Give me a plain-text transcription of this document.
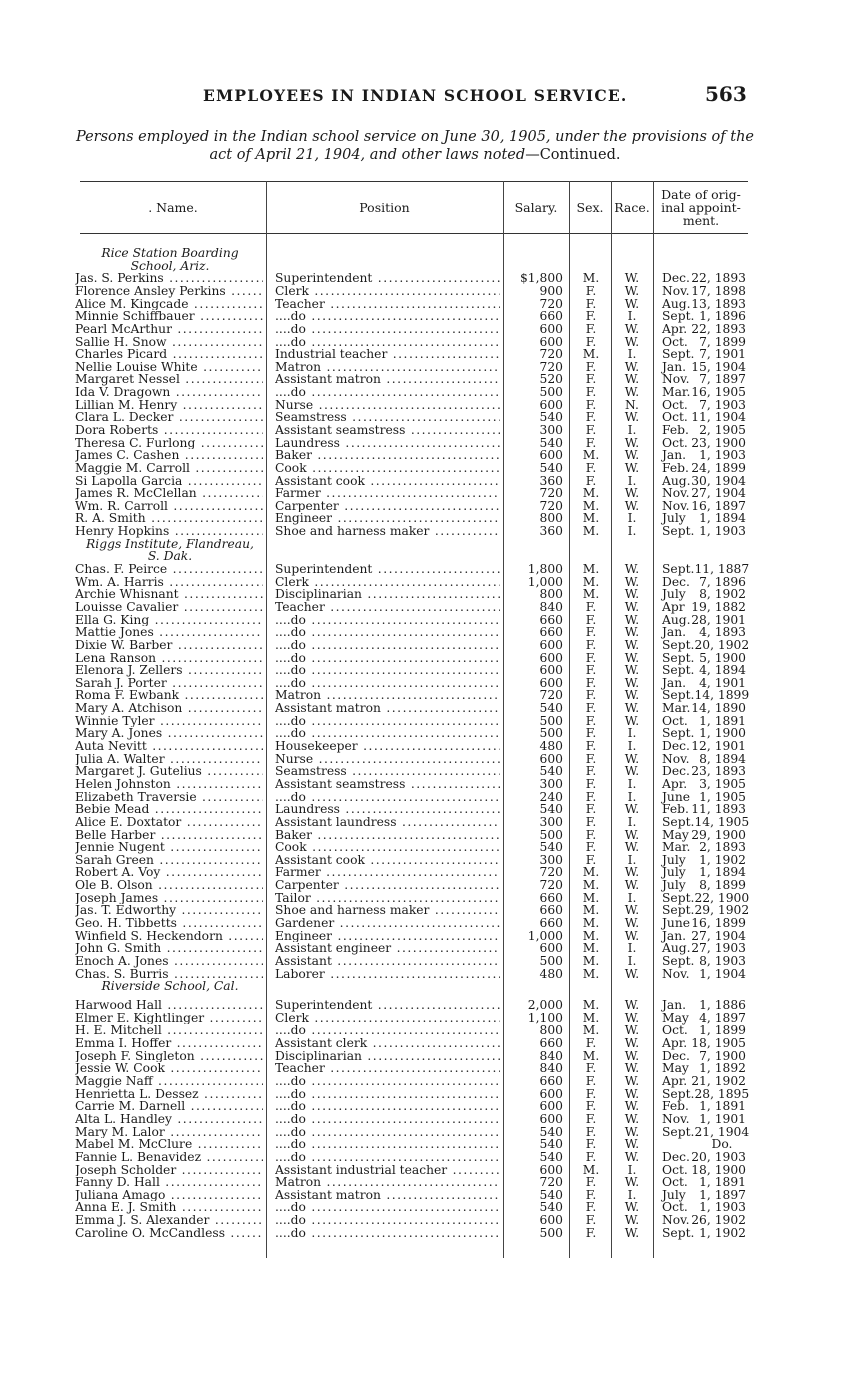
EMPLOYEES IN INDIAN SCHOOL SERVICE.	563
Persons employed in the Indian school service on June 30, 1905, under the provisions of the
act of April 21, 1904, and other laws noted—Continued.
. Name.	Position	Salary.	Sex. Race.
Date of orig-
inal appoint-
ment.
Rice Station Boarding
School, Ariz.
Jas. S. Perkins .....	Superintendent .....	$1,800	M.	W.	Dec. 22, 1893
Florence Ansley Perkins .....	Clerk .....	900	F.	W.	Nov. 17, 1898
Alice M. Kingcade .....	Teacher .....	720	F.	W.	Aug. 13, 1893
Minnie Schiffbauer .....	....do .....	660	F.	I.	Sept. 1, 1896
Pearl McArthur .....	....do .....	600	F.	W.	Apr. 22, 1893
Sallie H. Snow .....	....do .....	600	F.	W.	Oct. 7, 1899
Charles Picard .....	Industrial teacher .....	720	M.	I.	Sept. 7, 1901
Nellie Louise White .....	Matron .....	720	F.	W.	Jan. 15, 1904
Margaret Nessel .....	Assistant matron .....	520	F.	W.	Nov. 7, 1897
Ida V. Dragown .....	....do .....	500	F.	W.	Mar. 16, 1905
Lillian M. Henry .....	Nurse .....	600	F.	N.	Oct. 7, 1903
Clara L. Decker .....	Seamstress .....	540	F.	W.	Oct. 11, 1904
Dora Roberts .....	Assistant seamstress .....	300	F.	I.	Feb. 2, 1905
Theresa C. Furlong .....	Laundress .....	540	F.	W.	Oct. 23, 1900
James C. Cashen .....	Baker .....	600	M.	W.	Jan.	1, 1903
Maggie M. Carroll .....	Cook .....	540	F.	W.	Feb. 24, 1899
Si Lapolla Garcia .....	Assistant cook .....	360	F.	I.	Aug. 30, 1904
James R. McClellan .....	Farmer .....	720	M.	W.	Nov. 27, 1904
Wm. R. Carroll .....	Carpenter .....	720	M.	W.	Nov. 16, 1897
R. A. Smith .....	Engineer .....	800	M.	I.	July	1, 1894
Henry Hopkins .....	Shoe and harness maker .....	360	M.	I.	Sept. 1, 1903
Riggs Institute, Flandreau,
S. Dak.
Chas. F. Peirce .....	Superintendent .....	1,800	M.	W.	Sept. 11, 1887
Wm. A. Harris .....	Clerk .....	1,000	M.	W.	Dec. 7, 1896
Archie Whisnant .....	Disciplinarian .....	800	M.	W.	July	8, 1902
Louisse Cavalier .....	Teacher .....	840	F.	W.	Apr 19, 1882
Ella G. King .....	....do .....	660	F.	W.	Aug. 28, 1901
Mattie Jones .....	....do .....	660	F.	W.	Jan.	4, 1893
Dixie W. Barber .....	....do .....	600	F.	W.	Sept. 20, 1902
Lena Ranson .....	....do .....	600	F.	W.	Sept. 5, 1900
Elenora J. Zellers .....	....do .....	600	F.	W.	Sept. 4, 1894
Sarah J. Porter .....	....do .....	600	F.	W.	Jan.	4, 1901
Roma F. Ewbank .....	Matron .....	720	F.	W.	Sept. 14, 1899
Mary A. Atchison .....	Assistant matron .....	540	F.	W.	Mar. 14, 1890
Winnie Tyler .....	....do .....	500	F.	W.	Oct. 1, 1891
Mary A. Jones .....	....do .....	500	F.	I.	Sept. 1, 1900
Auta Nevitt .....	Housekeeper .....	480	F.	I.	Dec. 12, 1901
Julia A. Walter .....	Nurse .....	600	F.	W.	Nov. 8, 1894
Margaret J. Gutelius .....	Seamstress .....	540	F.	W.	Dec. 23, 1893
Helen Johnston .....	Assistant seamstress .....	300	F.	I.	Apr. 3, 1905
Elizabeth Traversie .....	....do .....	240	F.	I.	June 1, 1905
Bebie Mead .....	Laundress .....	540	F.	W.	Feb. 11, 1893
Alice E. Doxtator .....	Assistant laundress .....	300	F.	I.	Sept. 14, 1905
Belle Harber .....	Baker .....	500	F.	W.	May 29, 1900
Jennie Nugent .....	Cook .....	540	F.	W.	Mar. 2, 1893
Sarah Green .....	Assistant cook .....	300	F.	I.	July	1, 1902
Robert A. Voy .....	Farmer .....	720	M.	W.	July	1, 1894
Ole B. Olson .....	Carpenter .....	720	M.	W.	July	8, 1899
Joseph James .....	Tailor .....	660	M.	I.	Sept. 22, 1900
Jas. T. Edworthy .....	Shoe and harness maker .....	660	M.	W.	Sept. 29, 1902
Geo. H. Tibbetts .....	Gardener .....	660	M.	W.	June 16, 1899
Winfield S. Heckendorn .....	Engineer .....	1,000	M.	W.	Jan. 27, 1904
John G. Smith .....	Assistant engineer .....	600	M.	I.	Aug. 27, 1903
Enoch A. Jones .....	Assistant .....	500	M.	I.	Sept. 8, 1903
Chas. S. Burris .....	Laborer .....	480	M.	W.	Nov. 1, 1904
Riverside School, Cal.
Harwood Hall .....	Superintendent .....	2,000	M.	W.	Jan.	1, 1886
Elmer E. Kightlinger .....	Clerk .....	1,100	M.	W.	May 4, 1897
H. E. Mitchell .....	....do .....	800	M.	W.	Oct. 1, 1899
Emma I. Hoffer .....	Assistant clerk .....	660	F.	W.	Apr. 18, 1905
Joseph F. Singleton .....	Disciplinarian .....	840	M.	W.	Dec. 7, 1900
Jessie W. Cook .....	Teacher .....	840	F.	W.	May 1, 1892
Maggie Naff .....	....do .....	660	F.	W.	Apr. 21, 1902
Henrietta L. Dessez .....	....do .....	600	F.	W.	Sept. 28, 1895
Carrie M. Darnell .....	....do .....	600	F.	W.	Feb. 1, 1891
Alta L. Handley .....	....do .....	600	F.	W.	Nov. 1, 1901
Mary M. Lalor .....	....do .....	540	F.	W.	Sept. 21, 1904
Mabel M. McClure .....	....do .....	540	F.	W.	Do.
Fannie L. Benavidez .....	....do .....	540	F.	W.	Dec. 20, 1903
Joseph Scholder .....	Assistant industrial teacher .....	600	M.	I.	Oct. 18, 1900
Fanny D. Hall .....	Matron .....	720	F.	W.	Oct. 1, 1891
Juliana Amago .....	Assistant matron .....	540	F.	I.	July	1, 1897
Anna E. J. Smith .....	....do .....	540	F.	W.	Oct. 1, 1903
Emma J. S. Alexander .....	....do .....	600	F.	W.	Nov. 26, 1902
Caroline O. McCandless .....	....do .....	500	F.	W.	Sept. 1, 1902
